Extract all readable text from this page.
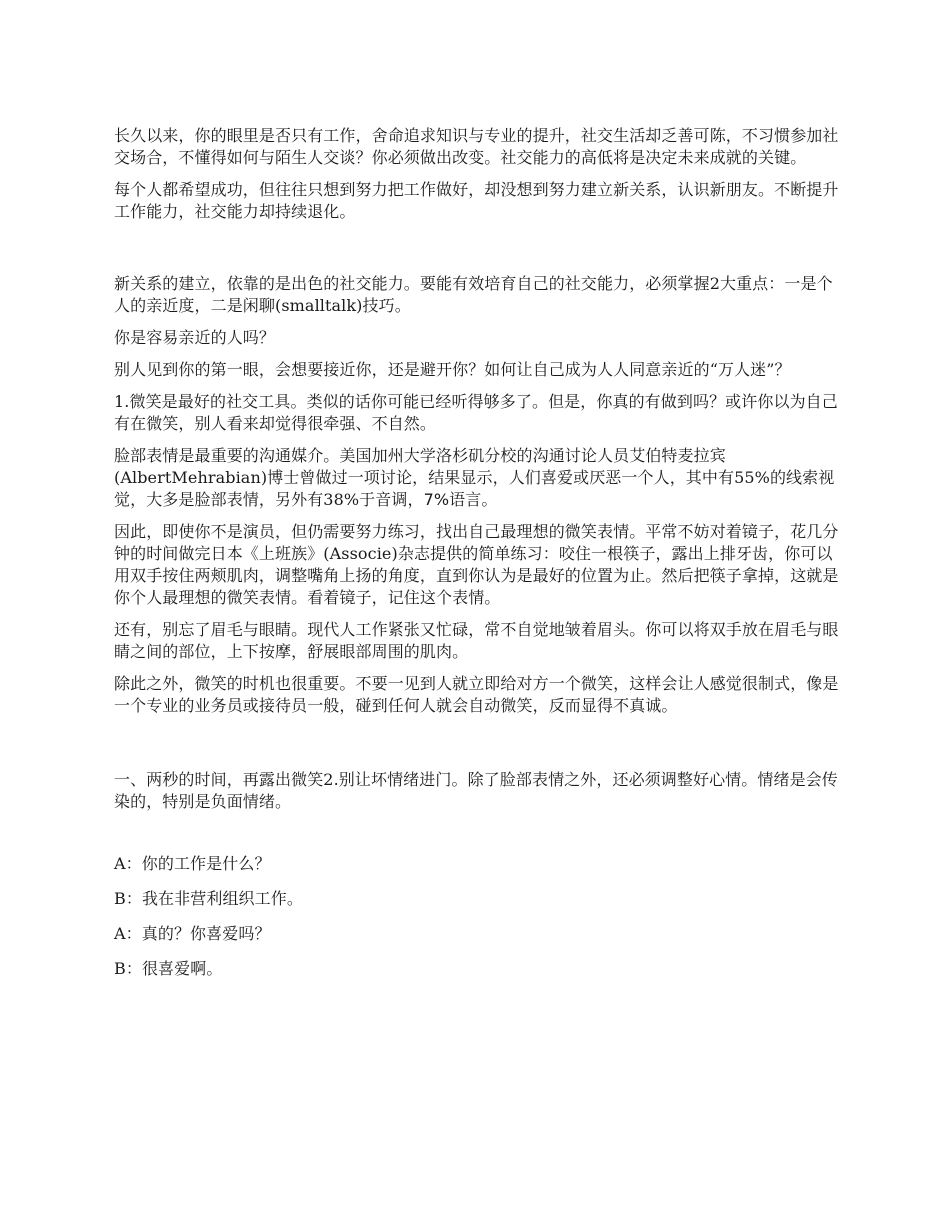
长久以来，你的眼里是否只有工作，舍命追求知识与专业的提升，社交生活却乏善可陈，不习惯参加社交场合，不懂得如何与陌生人交谈？你必须做出改变。社交能力的高低将是决定未来成就的关键。

每个人都希望成功，但往往只想到努力把工作做好，却没想到努力建立新关系，认识新朋友。不断提升工作能力，社交能力却持续退化。

新关系的建立，依靠的是出色的社交能力。要能有效培育自己的社交能力，必须掌握2大重点：一是个人的亲近度，二是闲聊(smalltalk)技巧。

你是容易亲近的人吗？

别人见到你的第一眼，会想要接近你，还是避开你？如何让自己成为人人同意亲近的“万人迷”？

1.微笑是最好的社交工具。类似的话你可能已经听得够多了。但是，你真的有做到吗？或许你以为自己有在微笑，别人看来却觉得很牵强、不自然。

脸部表情是最重要的沟通媒介。美国加州大学洛杉矶分校的沟通讨论人员艾伯特麦拉宾(AlbertMehrabian)博士曾做过一项讨论，结果显示，人们喜爱或厌恶一个人，其中有55%的线索视觉，大多是脸部表情，另外有38%于音调，7%语言。

因此，即使你不是演员，但仍需要努力练习，找出自己最理想的微笑表情。平常不妨对着镜子，花几分钟的时间做完日本《上班族》(Associe)杂志提供的简单练习：咬住一根筷子，露出上排牙齿，你可以用双手按住两颊肌肉，调整嘴角上扬的角度，直到你认为是最好的位置为止。然后把筷子拿掉，这就是你个人最理想的微笑表情。看着镜子，记住这个表情。

还有，别忘了眉毛与眼睛。现代人工作紧张又忙碌，常不自觉地皱着眉头。你可以将双手放在眉毛与眼睛之间的部位，上下按摩，舒展眼部周围的肌肉。

除此之外，微笑的时机也很重要。不要一见到人就立即给对方一个微笑，这样会让人感觉很制式，像是一个专业的业务员或接待员一般，碰到任何人就会自动微笑，反而显得不真诚。

一、两秒的时间，再露出微笑2.别让坏情绪进门。除了脸部表情之外，还必须调整好心情。情绪是会传染的，特别是负面情绪。

A：你的工作是什么？

B：我在非营利组织工作。

A：真的？你喜爱吗？

B：很喜爱啊。
